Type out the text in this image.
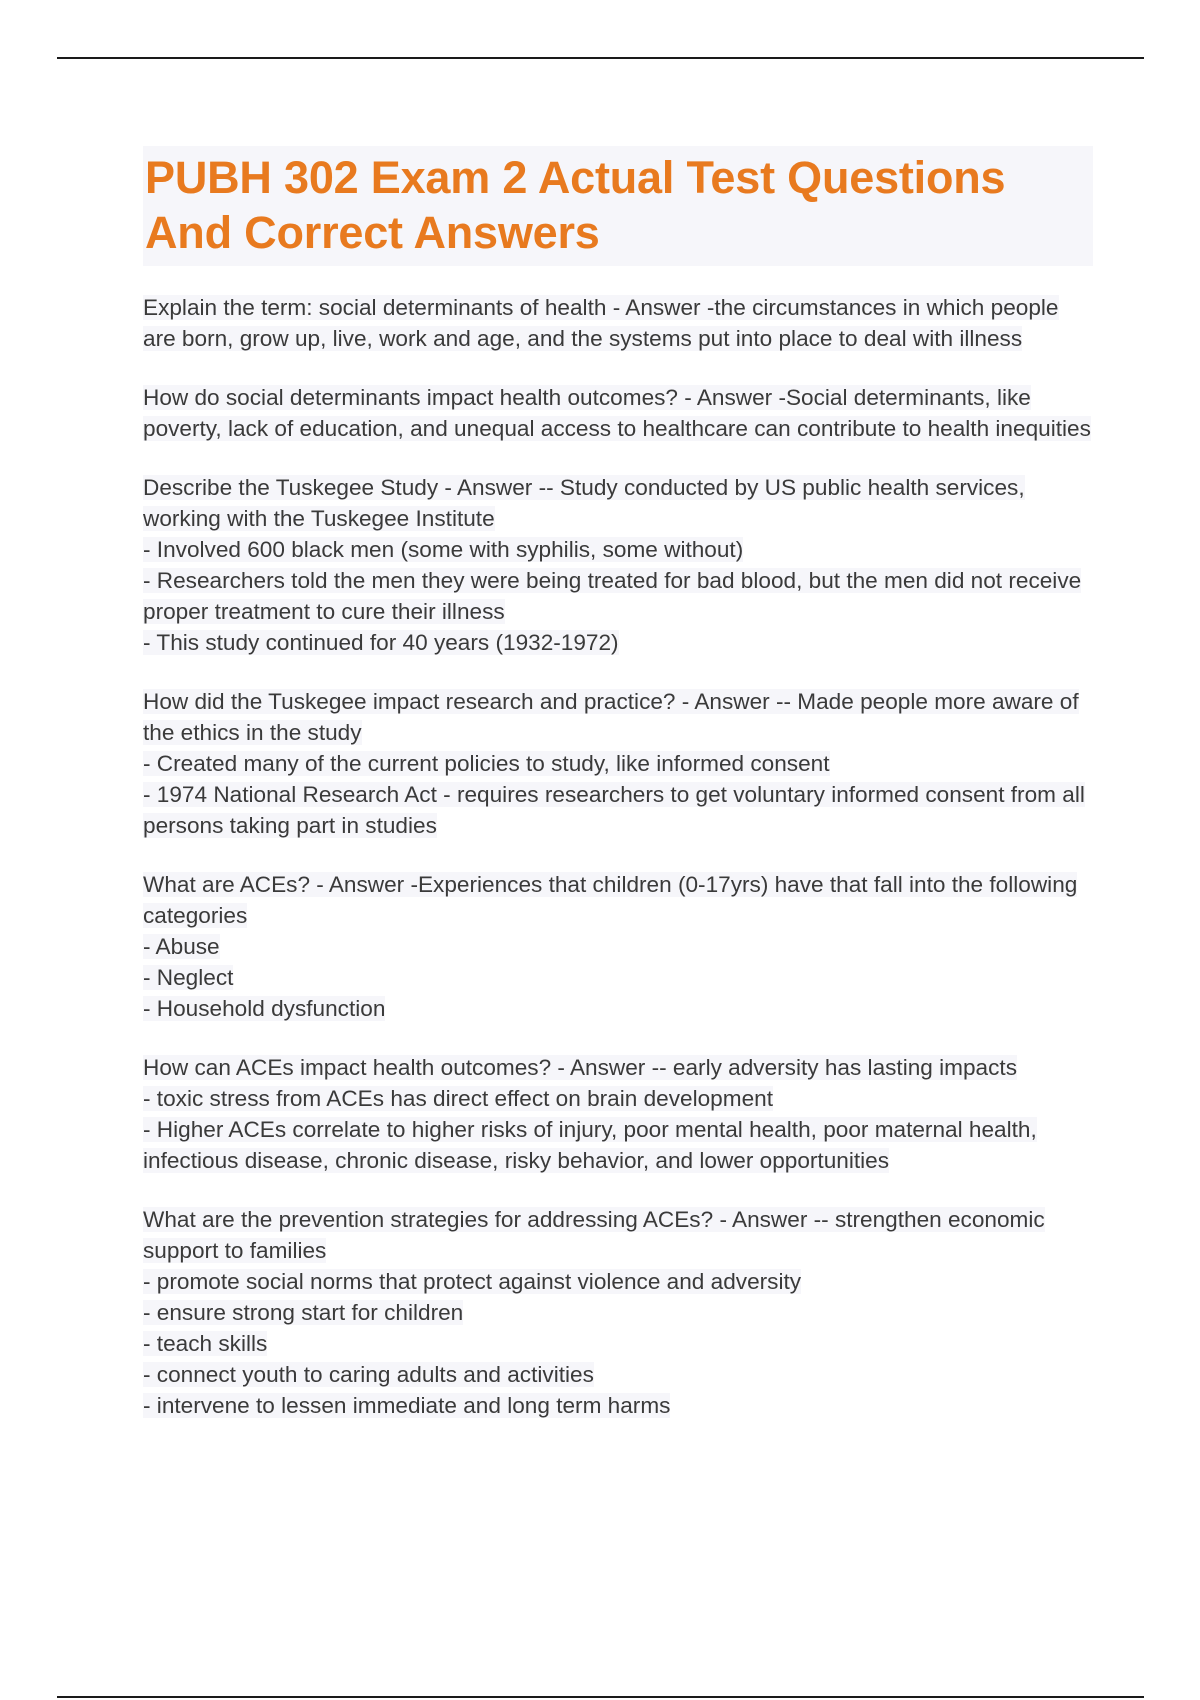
PUBH 302 Exam 2 Actual Test Questions And Correct Answers

Explain the term: social determinants of health - Answer -the circumstances in which people are born, grow up, live, work and age, and the systems put into place to deal with illness

How do social determinants impact health outcomes? - Answer -Social determinants, like poverty, lack of education, and unequal access to healthcare can contribute to health inequities

Describe the Tuskegee Study - Answer -- Study conducted by US public health services, working with the Tuskegee Institute

- Involved 600 black men (some with syphilis, some without)

- Researchers told the men they were being treated for bad blood, but the men did not receive proper treatment to cure their illness

- This study continued for 40 years (1932-1972)

How did the Tuskegee impact research and practice? - Answer -- Made people more aware of the ethics in the study

- Created many of the current policies to study, like informed consent

- 1974 National Research Act - requires researchers to get voluntary informed consent from all persons taking part in studies

What are ACEs? - Answer -Experiences that children (0-17yrs) have that fall into the following categories

- Abuse

- Neglect

- Household dysfunction

How can ACEs impact health outcomes? - Answer -- early adversity has lasting impacts

- toxic stress from ACEs has direct effect on brain development

- Higher ACEs correlate to higher risks of injury, poor mental health, poor maternal health, infectious disease, chronic disease, risky behavior, and lower opportunities

What are the prevention strategies for addressing ACEs? - Answer -- strengthen economic support to families

- promote social norms that protect against violence and adversity

- ensure strong start for children

- teach skills

- connect youth to caring adults and activities

- intervene to lessen immediate and long term harms
